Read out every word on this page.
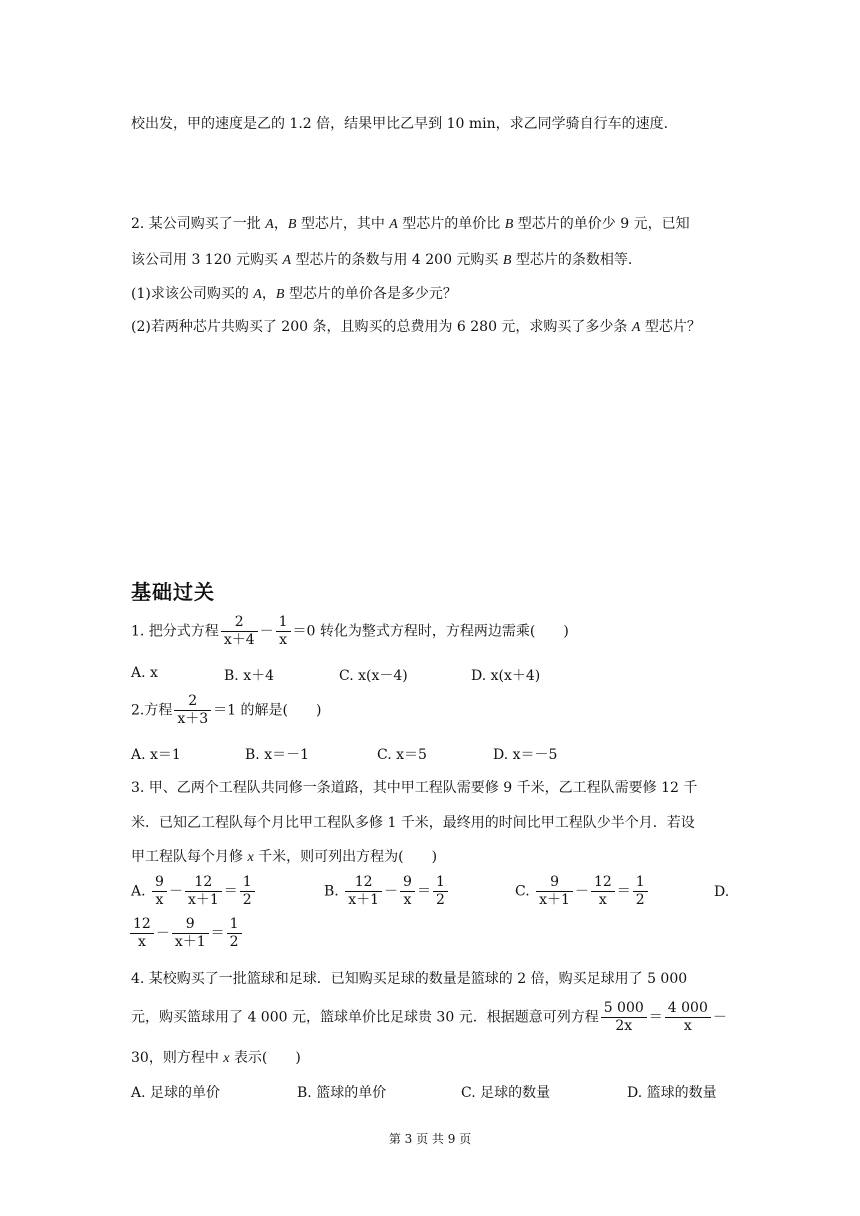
校出发，甲的速度是乙的 1.2 倍，结果甲比乙早到 10 min，求乙同学骑自行车的速度.
2. 某公司购买了一批 A，B 型芯片，其中 A 型芯片的单价比 B 型芯片的单价少 9 元，已知
该公司用 3 120 元购买 A 型芯片的条数与用 4 200 元购买 B 型芯片的条数相等.
(1)求该公司购买的 A，B 型芯片的单价各是多少元？
(2)若两种芯片共购买了 200 条，且购买的总费用为 6 280 元，求购买了多少条 A 型芯片？
基础过关
1. 把分式方程 $\frac{2}{x+4} - \frac{1}{x} =0$ 转化为整式方程时，方程两边需乘(　　)
A. x	B. x＋4	C. x(x－4)	D. x(x＋4)
2.方程 $\frac{2}{x+3} =1$ 的解是(　　)
A. x＝1	B. x＝－1	C. x＝5	D. x＝－5
3. 甲、乙两个工程队共同修一条道路，其中甲工程队需要修 9 千米，乙工程队需要修 12 千
米．已知乙工程队每个月比甲工程队多修 1 千米，最终用的时间比甲工程队少半个月．若设
甲工程队每个月修 x 千米，则可列出方程为(　　)
A. $\frac{9}{x} - \frac{12}{x+1} = \frac{1}{2}$	B. $\frac{12}{x+1} - \frac{9}{x} = \frac{1}{2}$	C. $\frac{9}{x+1} - \frac{12}{x} = \frac{1}{2}$	D.
$\frac{12}{x} - \frac{9}{x+1} = \frac{1}{2}$
4. 某校购买了一批篮球和足球．已知购买足球的数量是篮球的 2 倍，购买足球用了 5 000
元，购买篮球用了 4 000 元，篮球单价比足球贵 30 元．根据题意可列方程 $\frac{5 000}{2x} = \frac{4 000}{x}$ －
30，则方程中 x 表示(　　)
A. 足球的单价	B. 篮球的单价	C. 足球的数量	D. 篮球的数量
第 3 页 共 9 页
